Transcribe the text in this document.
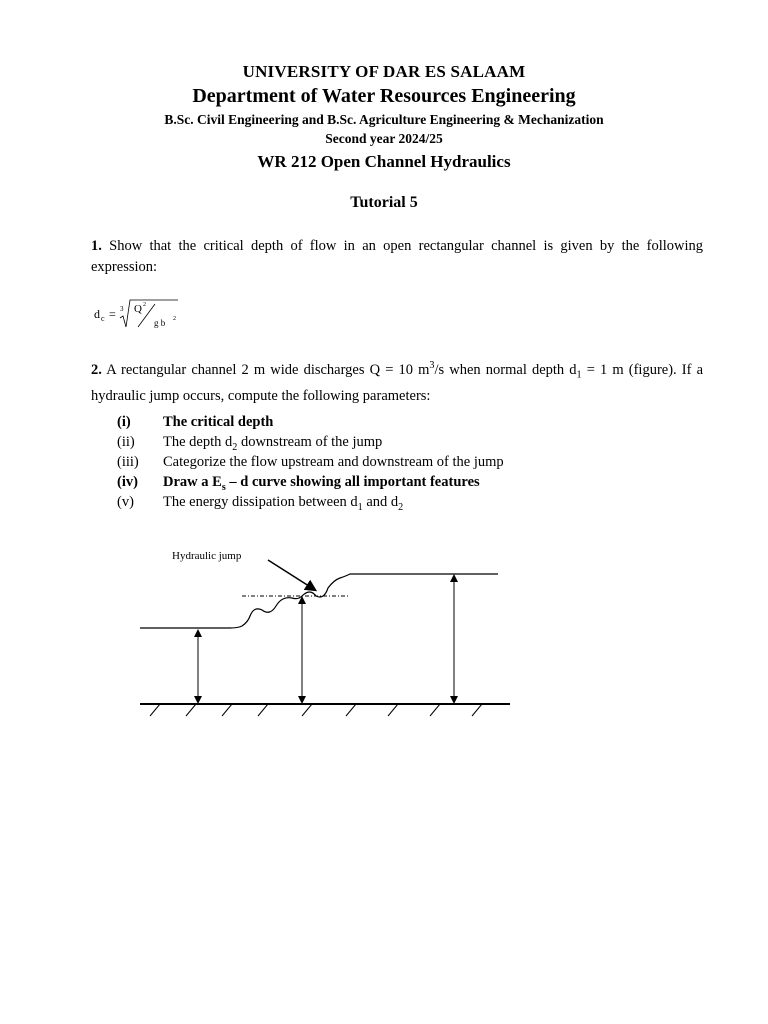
UNIVERSITY OF DAR ES SALAAM
Department of Water Resources Engineering
B.Sc. Civil Engineering and B.Sc. Agriculture Engineering & Mechanization
Second year 2024/25
WR 212 Open Channel Hydraulics
Tutorial 5
1. Show that the critical depth of flow in an open rectangular channel is given by the following expression:
d c = 3 Q 2
g b 2
2. A rectangular channel 2 m wide discharges Q = 10 $m^3/s$ when normal depth $d_1 = 1$ m (figure). If a hydraulic jump occurs, compute the following parameters:
(i) The critical depth
(ii) The depth $d_2$ downstream of the jump
(iii) Categorize the flow upstream and downstream of the jump
(iv) Draw a $E_s$ – d curve showing all important features
(v) The energy dissipation between $d_1$ and $d_2$
Hydraulic jump
